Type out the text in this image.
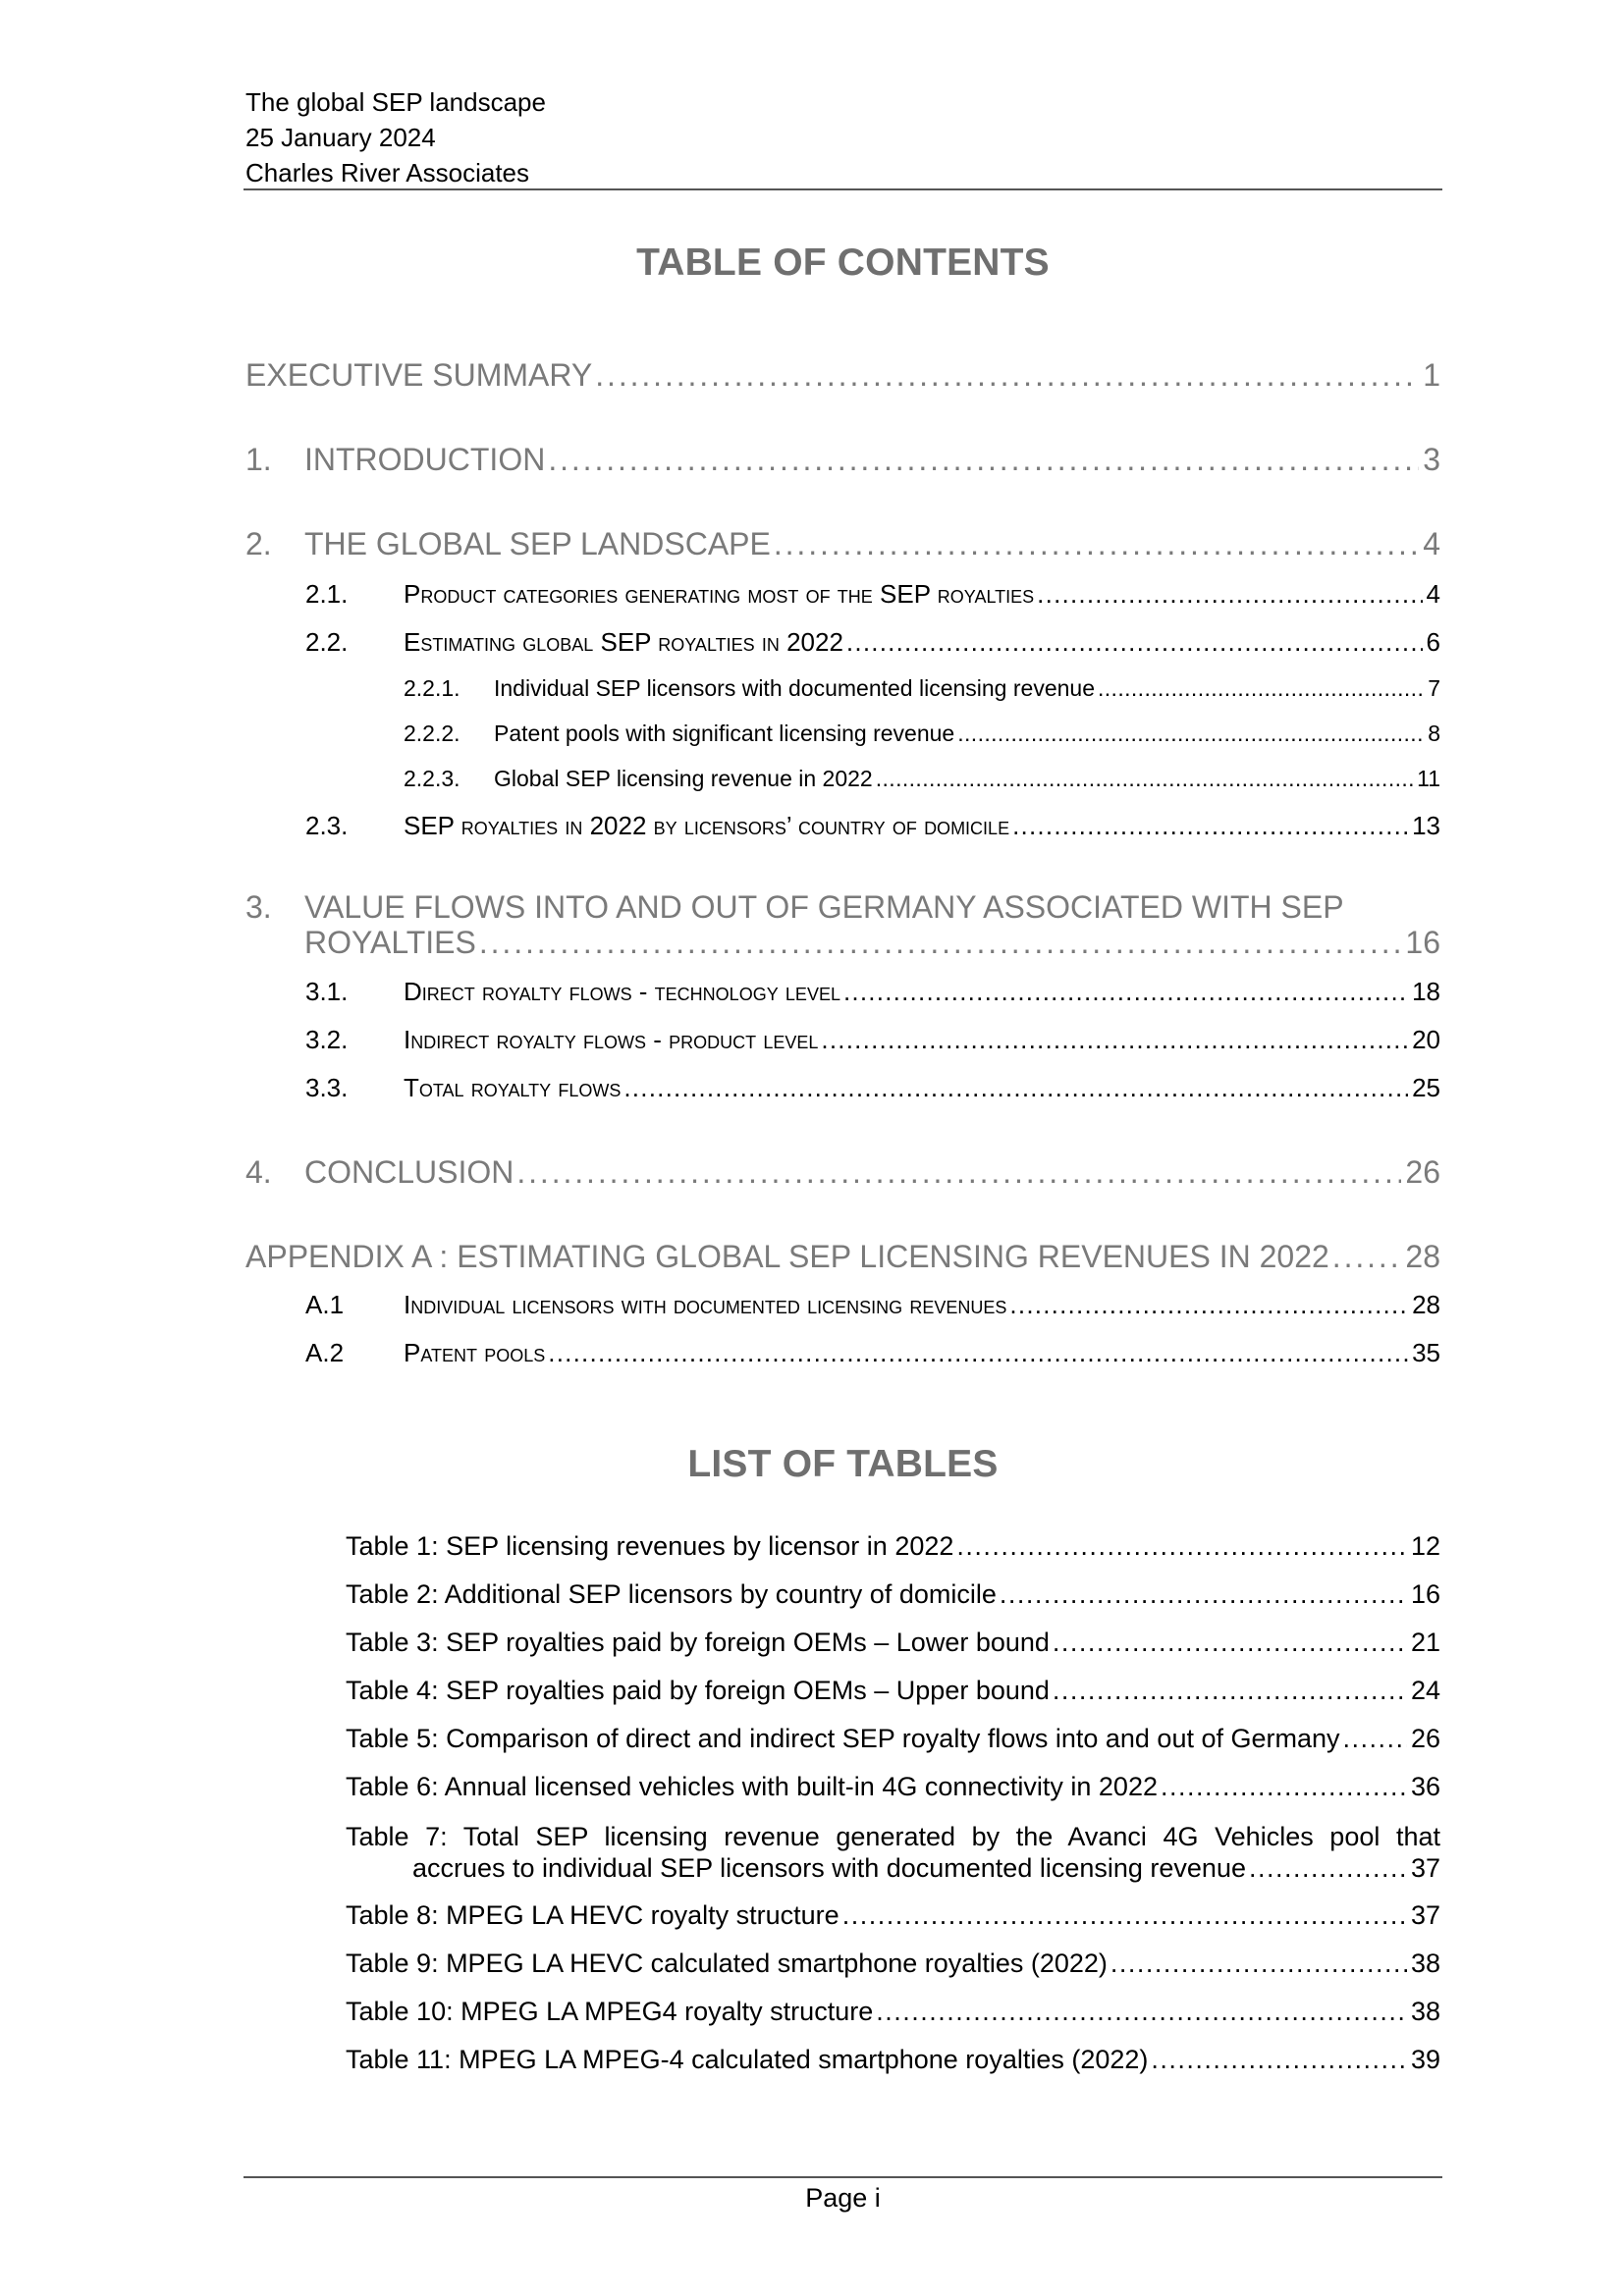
The global SEP landscape
25 January 2024
Charles River Associates
TABLE OF CONTENTS
EXECUTIVE SUMMARY . . .	1
1.	INTRODUCTION . . .	3
2.	THE GLOBAL SEP LANDSCAPE . . .	4
2.1.	Product categories generating most of the SEP royalties . . .	4
2.2.	Estimating global SEP royalties in 2022 . . .	6
2.2.1.	Individual SEP licensors with documented licensing revenue . . .	7
2.2.2.	Patent pools with significant licensing revenue . . .	8
2.2.3.	Global SEP licensing revenue in 2022 . . .	11
2.3.	SEP royalties in 2022 by licensors’ country of domicile . . .	13
3.	VALUE FLOWS INTO AND OUT OF GERMANY ASSOCIATED WITH SEP
ROYALTIES . . .	16
3.1.	Direct royalty flows - technology level . . .	18
3.2.	Indirect royalty flows - product level . . .	20
3.3.	Total royalty flows . . .	25
4.	CONCLUSION . . .	26
APPENDIX A : ESTIMATING GLOBAL SEP LICENSING REVENUES IN 2022 . . . 28
A.1	Individual licensors with documented licensing revenues . . .	28
A.2	Patent pools . . .	35
LIST OF TABLES
Table 1: SEP licensing revenues by licensor in 2022 . . .	12
Table 2: Additional SEP licensors by country of domicile . . .	16
Table 3: SEP royalties paid by foreign OEMs – Lower bound . . .	21
Table 4: SEP royalties paid by foreign OEMs – Upper bound . . .	24
Table 5: Comparison of direct and indirect SEP royalty flows into and out of Germany . . .	26
Table 6: Annual licensed vehicles with built-in 4G connectivity in 2022 . . .	36
Table 7: Total SEP licensing revenue generated by the Avanci 4G Vehicles pool that
accrues to individual SEP licensors with documented licensing revenue . . .	37
Table 8: MPEG LA HEVC royalty structure . . .	37
Table 9: MPEG LA HEVC calculated smartphone royalties (2022) . . .	38
Table 10: MPEG LA MPEG4 royalty structure . . .	38
Table 11: MPEG LA MPEG-4 calculated smartphone royalties (2022) . . .	39
Page i
